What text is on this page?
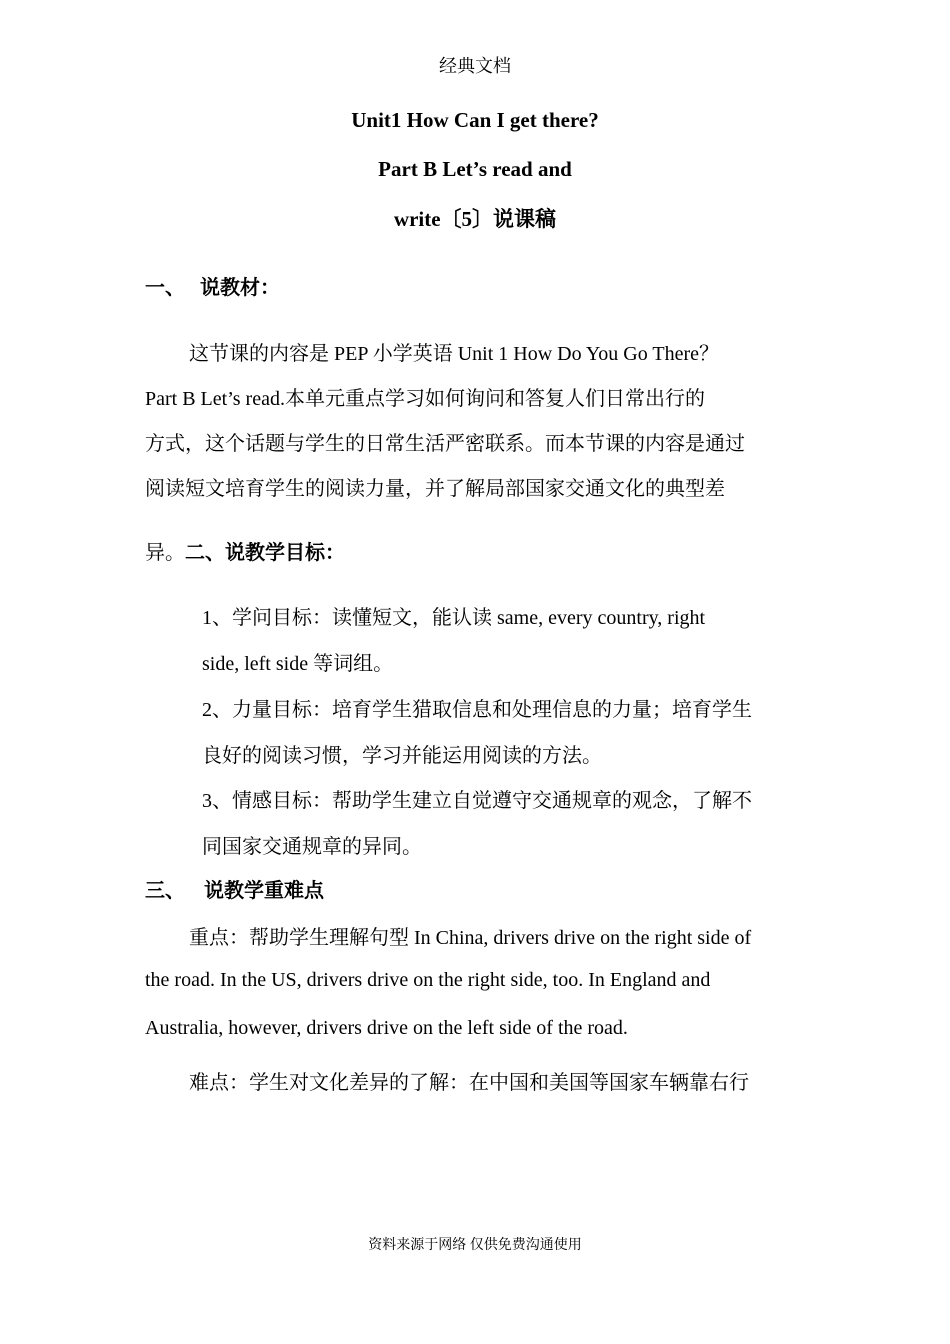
经典文档
Unit1 How Can I get there?
Part B Let’s read and
write〔5〕说课稿
一、 说教材：
这节课的内容是 PEP 小学英语 Unit 1 How Do You Go There？
Part B Let’s read.本单元重点学习如何询问和答复人们日常出行的
方式，这个话题与学生的日常生活严密联系。而本节课的内容是通过
阅读短文培育学生的阅读力量，并了解局部国家交通文化的典型差
异。二、说教学目标：
1、学问目标：读懂短文，能认读 same, every country, right
side, left side 等词组。
2、力量目标：培育学生猎取信息和处理信息的力量；培育学生
良好的阅读习惯，学习并能运用阅读的方法。
3、情感目标：帮助学生建立自觉遵守交通规章的观念，了解不
同国家交通规章的异同。
三、 说教学重难点
重点：帮助学生理解句型 In China, drivers drive on the right side of
the road. In the US, drivers drive on the right side, too. In England and
Australia, however, drivers drive on the left side of the road.
难点：学生对文化差异的了解：在中国和美国等国家车辆靠右行
资料来源于网络 仅供免费沟通使用
